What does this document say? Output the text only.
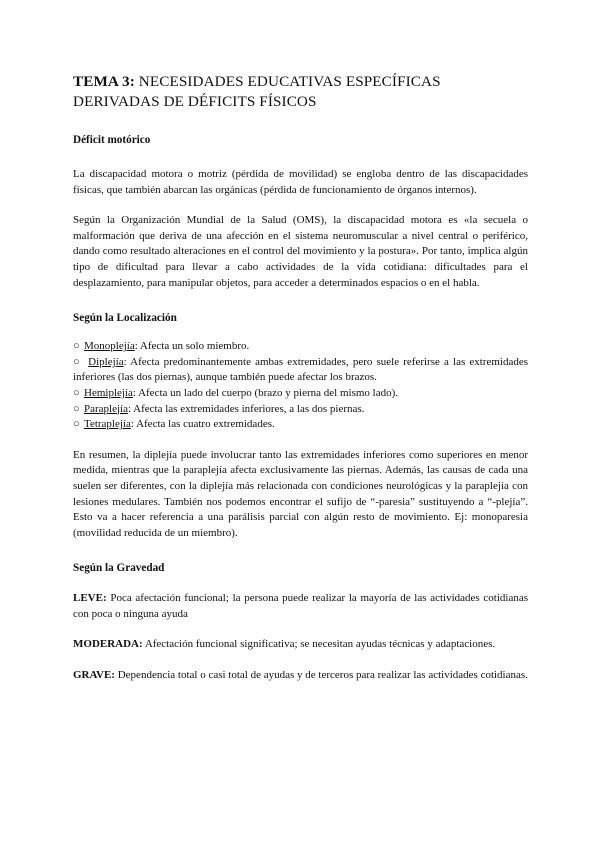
TEMA 3: NECESIDADES EDUCATIVAS ESPECÍFICAS
DERIVADAS DE DÉFICITS FÍSICOS
Déficit motórico

La discapacidad motora o motriz (pérdida de movilidad) se engloba dentro de las discapacidades físicas, que también abarcan las orgánicas (pérdida de funcionamiento de órganos internos).

Según la Organización Mundial de la Salud (OMS), la discapacidad motora es «la secuela o malformación que deriva de una afección en el sistema neuromuscular a nivel central o periférico, dando como resultado alteraciones en el control del movimiento y la postura». Por tanto, implica algún tipo de dificultad para llevar a cabo actividades de la vida cotidiana: dificultades para el desplazamiento, para manipular objetos, para acceder a determinados espacios o en el habla.

Según la Localización
○ Monoplejía: Afecta un solo miembro.
○ Diplejía: Afecta predominantemente ambas extremidades, pero suele referirse a las extremidades inferiores (las dos piernas), aunque también puede afectar los brazos.
○ Hemiplejía: Afecta un lado del cuerpo (brazo y pierna del mismo lado).
○ Paraplejía: Afecta las extremidades inferiores, a las dos piernas.
○ Tetraplejía: Afecta las cuatro extremidades.

En resumen, la diplejía puede involucrar tanto las extremidades inferiores como superiores en menor medida, mientras que la paraplejía afecta exclusivamente las piernas. Además, las causas de cada una suelen ser diferentes, con la diplejía más relacionada con condiciones neurológicas y la paraplejía con lesiones medulares. También nos podemos encontrar el sufijo de “-paresia” sustituyendo a “-plejía”. Esto va a hacer referencia a una parálisis parcial con algún resto de movimiento. Ej: monoparesia (movilidad reducida de un miembro).

Según la Gravedad

LEVE: Poca afectación funcional; la persona puede realizar la mayoría de las actividades cotidianas con poca o ninguna ayuda

MODERADA: Afectación funcional significativa; se necesitan ayudas técnicas y adaptaciones.

GRAVE: Dependencia total o casi total de ayudas y de terceros para realizar las actividades cotidianas.
